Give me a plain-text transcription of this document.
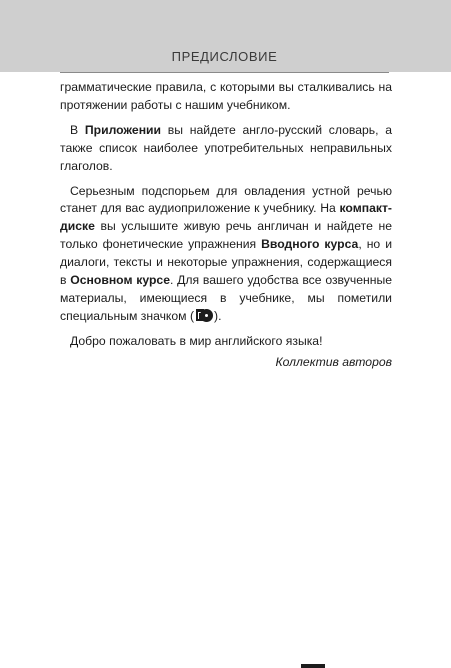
ПРЕДИСЛОВИЕ

грамматические правила, с которыми вы сталкивались на протяжении работы с нашим учебником.

В Приложении вы найдете англо-русский словарь, а также список наиболее употребительных неправильных глаголов.

Серьезным подспорьем для овладения устной речью станет для вас аудиоприложение к учебнику. На компакт-диске вы услышите живую речь англичан и найдете не только фонетические упражнения Вводного курса, но и диалоги, тексты и некоторые упражнения, содержащиеся в Основном курсе. Для вашего удобства все озвученные материалы, имеющиеся в учебнике, мы пометили специальным значком ( ).

Добро пожаловать в мир английского языка!

Коллектив авторов
